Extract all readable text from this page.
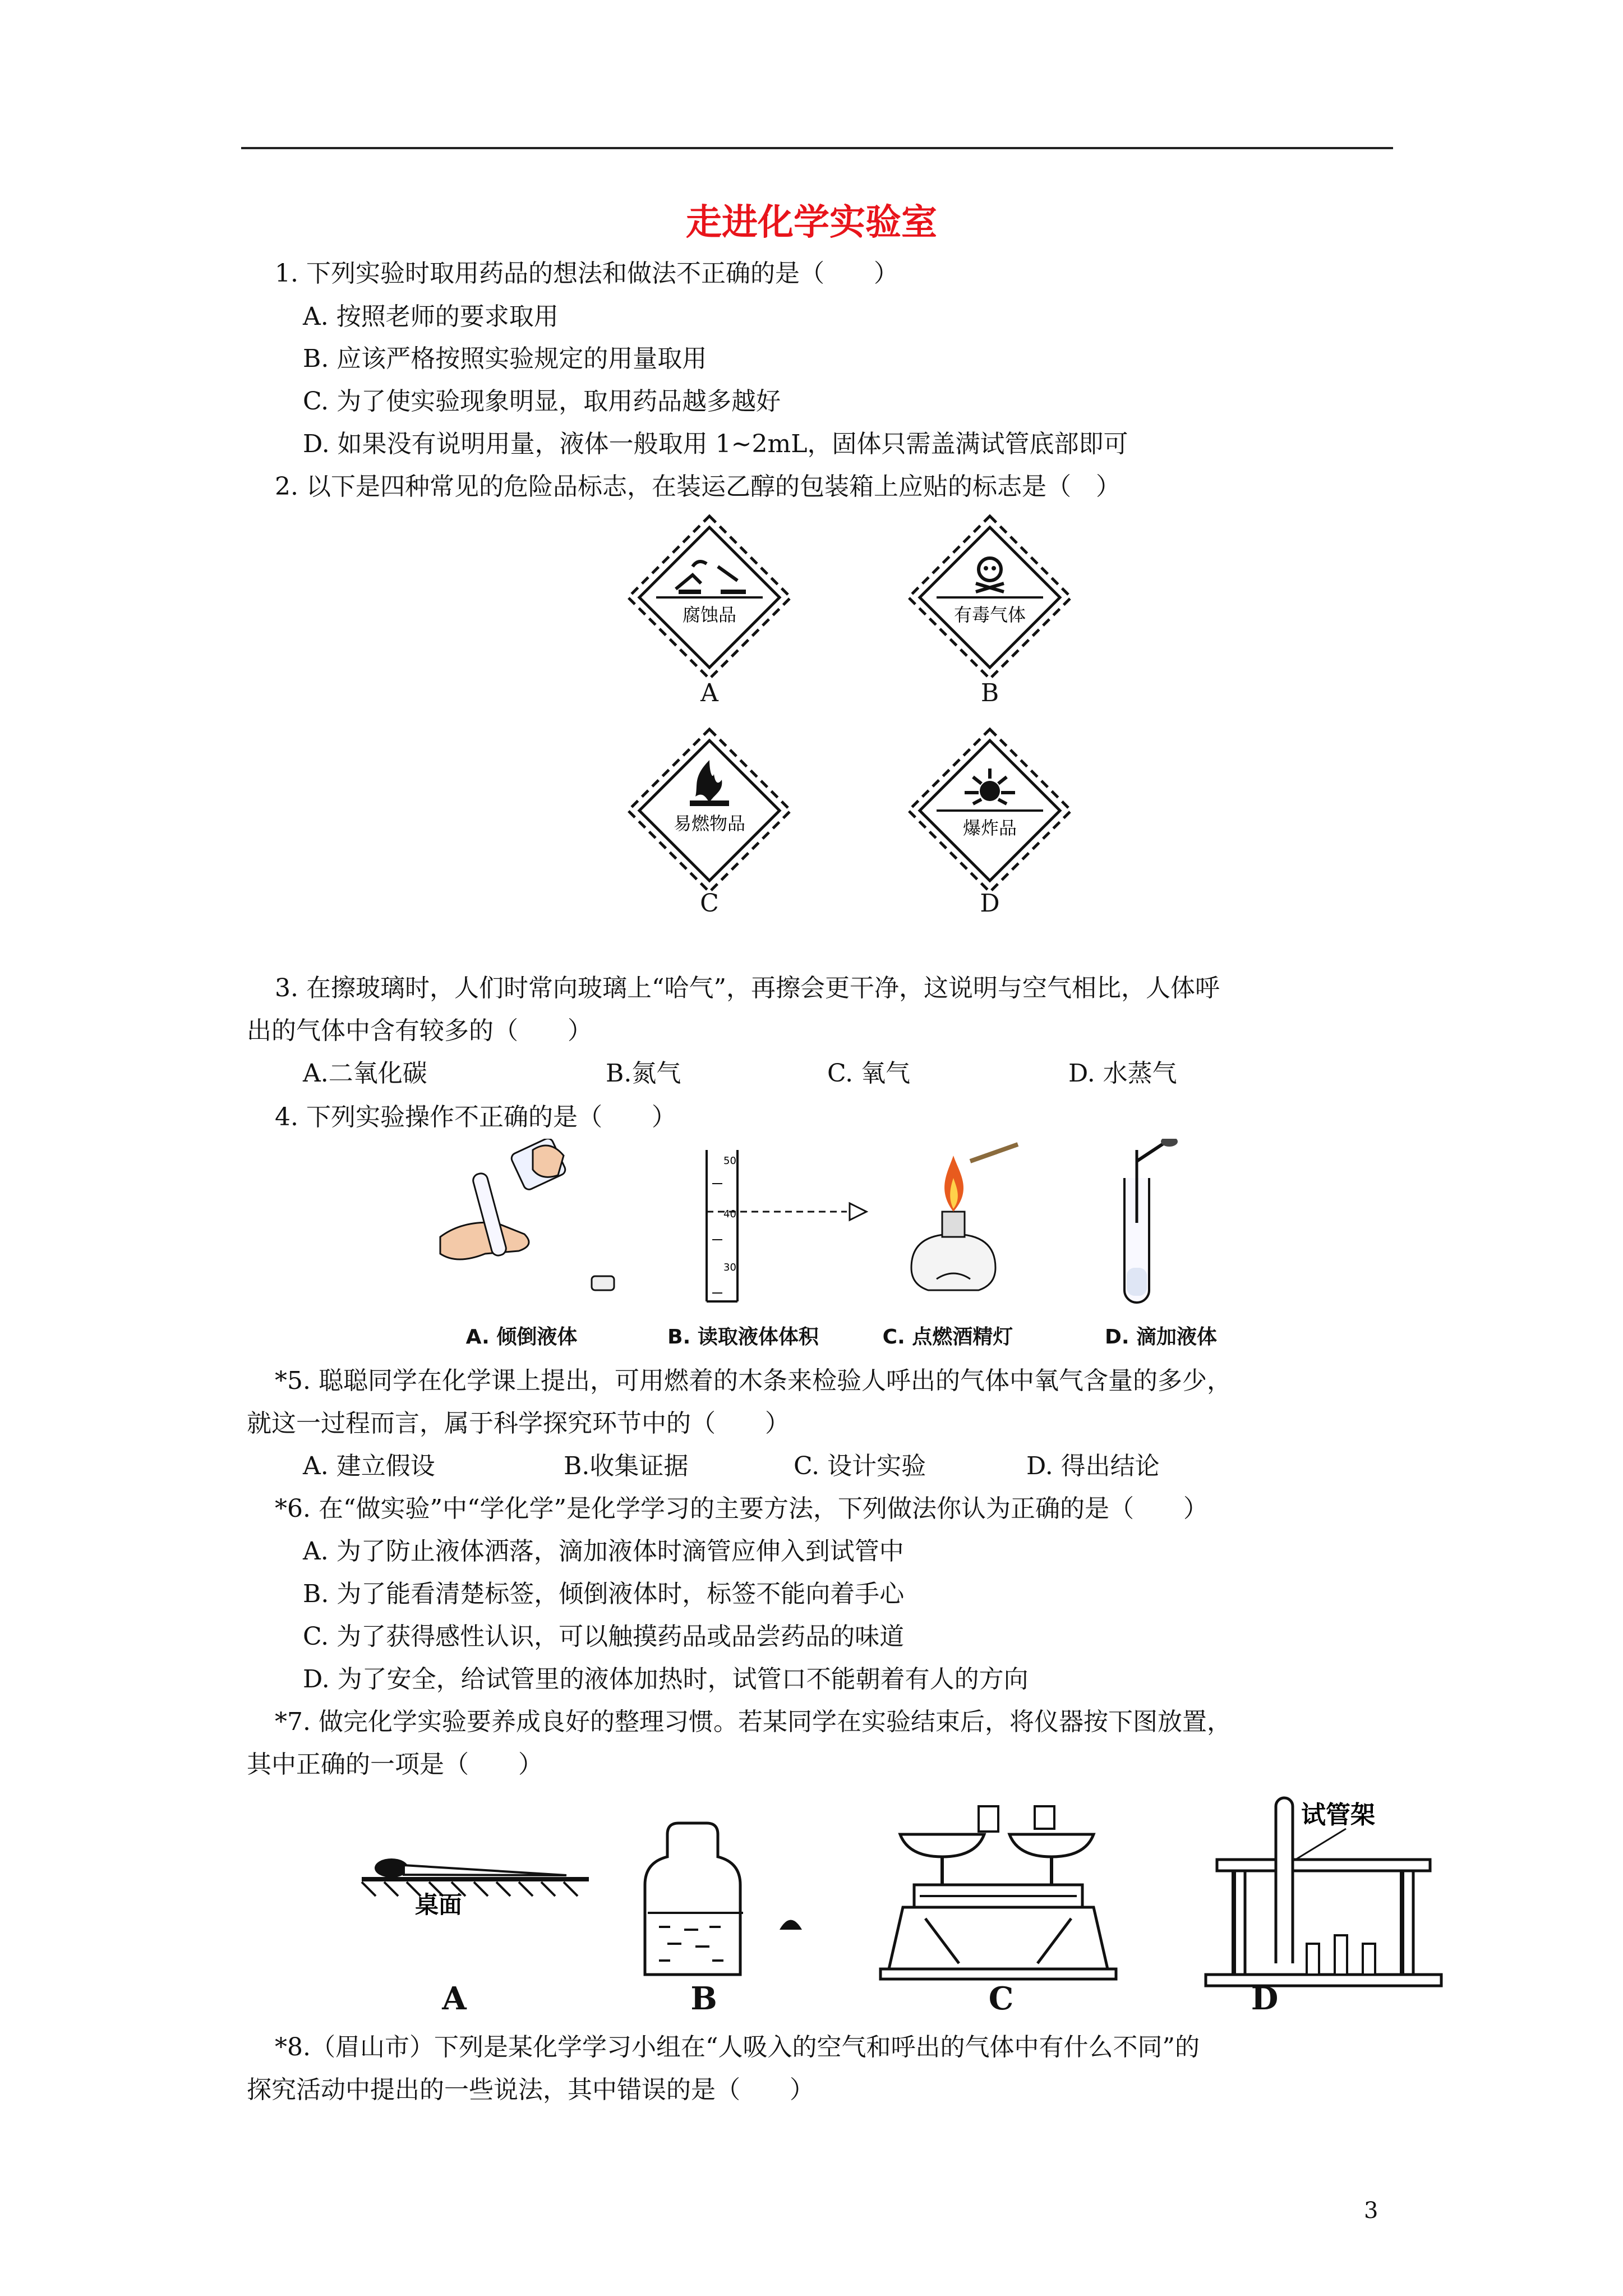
走进化学实验室
1. 下列实验时取用药品的想法和做法不正确的是（　　）
A. 按照老师的要求取用
B. 应该严格按照实验规定的用量取用
C. 为了使实验现象明显，取用药品越多越好
D. 如果没有说明用量，液体一般取用 1~2mL，固体只需盖满试管底部即可
2. 以下是四种常见的危险品标志，在装运乙醇的包装箱上应贴的标志是（　）
腐蚀品
A
有毒气体
B
易燃物品
C
爆炸品
D
3. 在擦玻璃时，人们时常向玻璃上“哈气”，再擦会更干净，这说明与空气相比，人体呼
出的气体中含有较多的（　　）
A.二氧化碳	B.氮气	C. 氧气	D. 水蒸气
4. 下列实验操作不正确的是（　　）
50
40
30
A. 倾倒液体	B. 读取液体体积	C. 点燃酒精灯	D. 滴加液体
*5. 聪聪同学在化学课上提出，可用燃着的木条来检验人呼出的气体中氧气含量的多少，
就这一过程而言，属于科学探究环节中的（　　）
A. 建立假设	B.收集证据	C. 设计实验	D. 得出结论
*6. 在“做实验”中“学化学”是化学学习的主要方法，下列做法你认为正确的是（　　）
A. 为了防止液体洒落，滴加液体时滴管应伸入到试管中
B. 为了能看清楚标签，倾倒液体时，标签不能向着手心
C. 为了获得感性认识，可以触摸药品或品尝药品的味道
D. 为了安全，给试管里的液体加热时，试管口不能朝着有人的方向
*7. 做完化学实验要养成良好的整理习惯。若某同学在实验结束后，将仪器按下图放置，
其中正确的一项是（　　）
桌面
试管架
A	B	C	D
*8.（眉山市）下列是某化学学习小组在“人吸入的空气和呼出的气体中有什么不同”的
探究活动中提出的一些说法，其中错误的是（　　）
3
